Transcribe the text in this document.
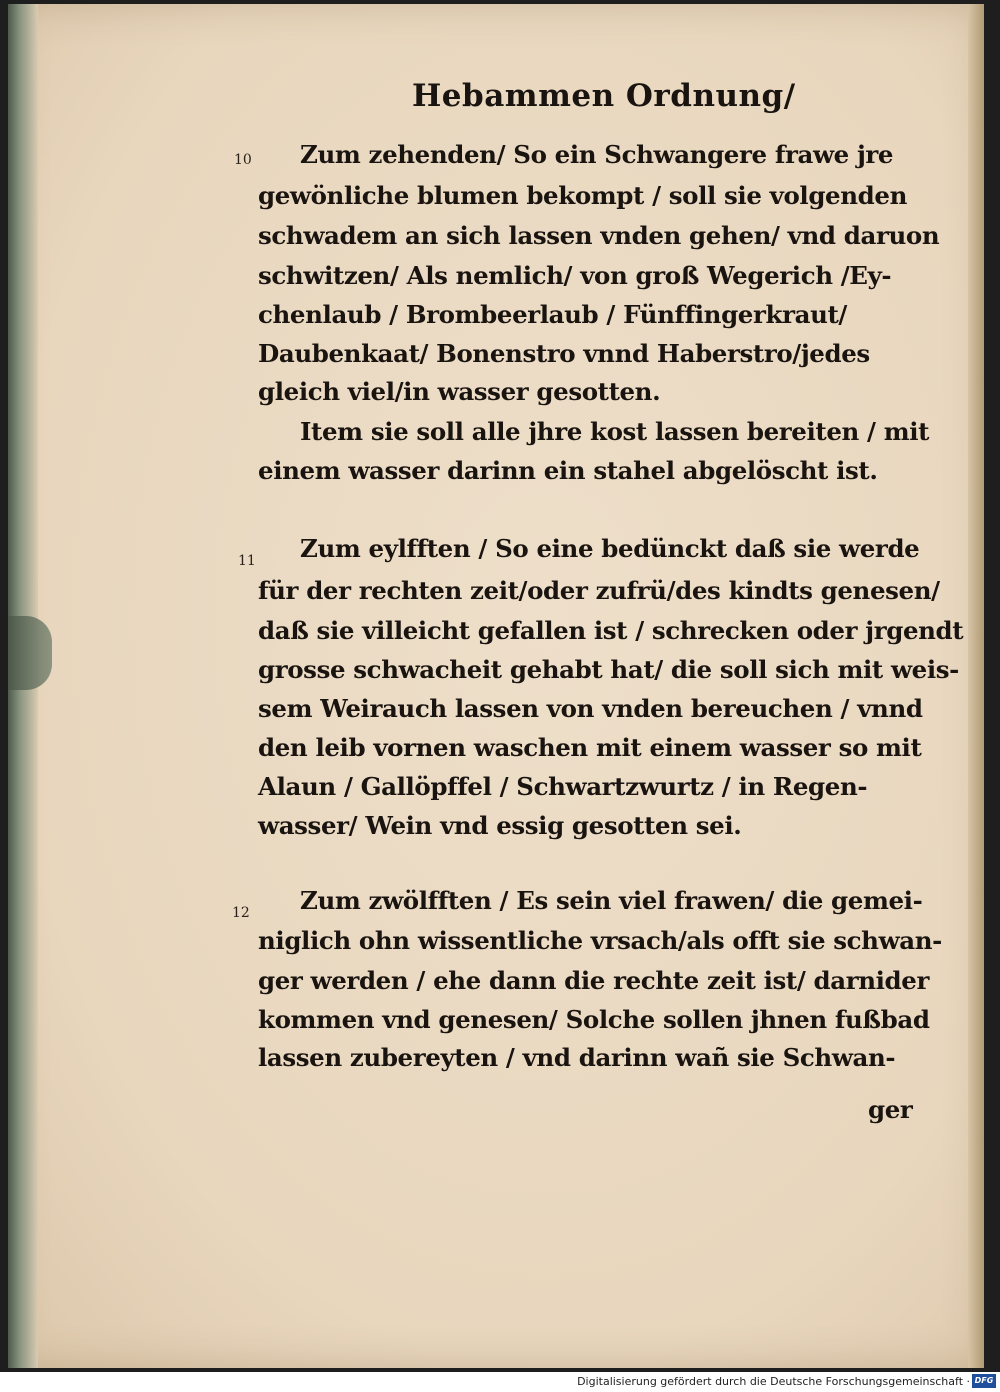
Hebammen Ordnung/
10 Zum zehenden/ So ein Schwangere frawe jre
gewönliche blumen bekompt / soll sie volgenden
schwadem an sich lassen vnden gehen/ vnd daruon
schwitzen/ Als nemlich/ von groß Wegerich /Ey-
chenlaub / Brombeerlaub / Fünffingerkraut/
Daubenkaat/ Bonenstro vnnd Haberstro/jedes
gleich viel/in wasser gesotten.
Item sie soll alle jhre kost lassen bereiten / mit
einem wasser darinn ein stahel abgelöscht ist.
11 Zum eylfften / So eine bedünckt daß sie werde
für der rechten zeit/oder zufrü/des kindts genesen/
daß sie villeicht gefallen ist / schrecken oder jrgendt
grosse schwacheit gehabt hat/ die soll sich mit weis-
sem Weirauch lassen von vnden bereuchen / vnnd
den leib vornen waschen mit einem wasser so mit
Alaun / Gallöpffel / Schwartzwurtz / in Regen-
wasser/ Wein vnd essig gesotten sei.
12 Zum zwölfften / Es sein viel frawen/ die gemei-
niglich ohn wissentliche vrsach/als offt sie schwan-
ger werden / ehe dann die rechte zeit ist/ darnider
kommen vnd genesen/ Solche sollen jhnen fußbad
lassen zubereyten / vnd darinn wañ sie Schwan-
ger
Digitalisierung gefördert durch die Deutsche Forschungsgemeinschaft · DFG
